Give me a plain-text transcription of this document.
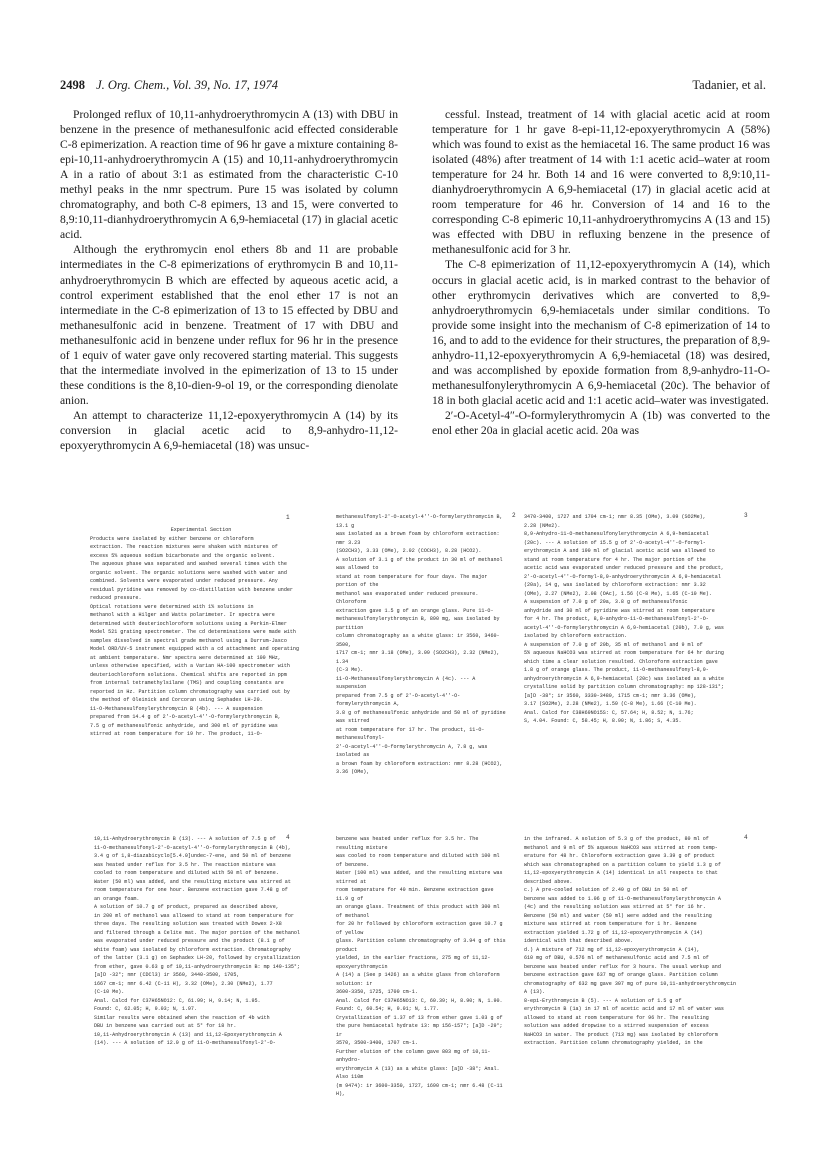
2498 J. Org. Chem., Vol. 39, No. 17, 1974	Tadanier, et al.

Prolonged reflux of 10,11-anhydroerythromycin A (13) with DBU in benzene in the presence of methanesulfonic acid effected considerable C-8 epimerization. A reaction time of 96 hr gave a mixture containing 8-epi-10,11-anhydroerythromycin A (15) and 10,11-anhydroerythromycin A in a ratio of about 3:1 as estimated from the characteristic C-10 methyl peaks in the nmr spectrum. Pure 15 was isolated by column chromatography, and both C-8 epimers, 13 and 15, were converted to 8,9:10,11-dianhydroerythromycin A 6,9-hemiacetal (17) in glacial acetic acid.

Although the erythromycin enol ethers 8b and 11 are probable intermediates in the C-8 epimerizations of erythromycin B and 10,11-anhydroerythromycin B which are effected by aqueous acetic acid, a control experiment established that the enol ether 17 is not an intermediate in the C-8 epimerization of 13 to 15 effected by DBU and methanesulfonic acid in benzene. Treatment of 17 with DBU and methanesulfonic acid in benzene under reflux for 96 hr in the presence of 1 equiv of water gave only recovered starting material. This suggests that the intermediate involved in the epimerization of 13 to 15 under these conditions is the 8,10-dien-9-ol 19, or the corresponding dienolate anion.

An attempt to characterize 11,12-epoxyerythromycin A (14) by its conversion in glacial acetic acid to 8,9-anhydro-11,12-epoxyerythromycin A 6,9-hemiacetal (18) was unsuc-

cessful. Instead, treatment of 14 with glacial acetic acid at room temperature for 1 hr gave 8-epi-11,12-epoxyerythromycin A (58%) which was found to exist as the hemiacetal 16. The same product 16 was isolated (48%) after treatment of 14 with 1:1 acetic acid–water at room temperature for 24 hr. Both 14 and 16 were converted to 8,9:10,11-dianhydroerythromycin A 6,9-hemiacetal (17) in glacial acetic acid at room temperature for 46 hr. Conversion of 14 and 16 to the corresponding C-8 epimeric 10,11-anhydroerythromycins A (13 and 15) was effected with DBU in refluxing benzene in the presence of methanesulfonic acid for 3 hr.

The C-8 epimerization of 11,12-epoxyerythromycin A (14), which occurs in glacial acetic acid, is in marked contrast to the behavior of other erythromycin derivatives which are converted to 8,9-anhydroerythromycin 6,9-hemiacetals under similar conditions. To provide some insight into the mechanism of C-8 epimerization of 14 to 16, and to add to the evidence for their structures, the preparation of 8,9-anhydro-11,12-epoxyerythromycin A 6,9-hemiacetal (18) was desired, and was accomplished by epoxide formation from 8,9-anhydro-11-O-methanesulfonylerythromycin A 6,9-hemiacetal (20c). The behavior of 18 in both glacial acetic acid and 1:1 acetic acid–water was investigated.

2′-O-Acetyl-4″-O-formylerythromycin A (1b) was converted to the enol ether 20a in glacial acetic acid. 20a was

Experimental Section

Products were isolated by either benzene or chloroform

extraction. The reaction mixtures were shaken with mixtures of

excess 5% aqueous sodium bicarbonate and the organic solvent.

The aqueous phase was separated and washed several times with the

organic solvent. The organic solutions were washed with water and

combined. Solvents were evaporated under reduced pressure. Any

residual pyridine was removed by co-distillation with benzene under

reduced pressure.

Optical rotations were determined with 1% solutions in

methanol with a Hilger and Watts polarimeter. Ir spectra were

determined with deuteriochloroform solutions using a Perkin-Elmer

Model 521 grating spectrometer. The cd determinations were made with

samples dissolved in spectral grade methanol using a Durrum-Jasco

Model ORD/UV-5 instrument equipped with a cd attachment and operating

at ambient temperature. Nmr spectra were determined at 100 MHz,

unless otherwise specified, with a Varian HA-100 spectrometer with

deuteriochloroform solutions. Chemical shifts are reported in ppm

from internal tetramethylsilane (TMS) and coupling constants are

reported in Hz. Partition column chromatography was carried out by

the method of Oleinick and Corcoran using Sephadex LH-20.

11-O-Methanesulfonylerythromycin B (4b). --- A suspension

prepared from 14.4 g of 2'-O-acetyl-4''-O-formylerythromycin B,

7.5 g of methanesulfonic anhydride, and 300 ml of pyridine was

stirred at room temperature for 19 hr. The product, 11-O-

methanesulfonyl-2'-O-acetyl-4''-O-formylerythromycin B, 13.1 g

was isolated as a brown foam by chloroform extraction: nmr 3.23

(SO2CH3), 3.33 (OMe), 2.02 (COCH3), 8.28 (HCO2).

A solution of 3.1 g of the product in 30 ml of methanol was allowed to

stand at room temperature for four days. The major portion of the

methanol was evaporated under reduced pressure. Chloroform

extraction gave 1.5 g of an orange glass. Pure 11-O-

methanesulfonylerythromycin B, 890 mg, was isolated by partition

column chromatography as a white glass: ir 3560, 3460-3500,

1717 cm-1; nmr 3.18 (OMe), 3.09 (SO2CH3), 2.32 (NMe2), 1.34

(C-3 Me).

11-O-Methanesulfonylerythromycin A (4c). --- A suspension

prepared from 7.5 g of 2'-O-acetyl-4''-O-formylerythromycin A,

3.8 g of methanesulfonic anhydride and 50 ml of pyridine was stirred

at room temperature for 17 hr. The product, 11-O-methanesulfonyl-

2'-O-acetyl-4''-O-formylerythromycin A, 7.8 g, was isolated as

a brown foam by chloroform extraction: nmr 8.28 (HCO2), 3.36 (OMe),

3470-3400, 1727 and 1704 cm-1; nmr 8.35 (OMe), 3.09 (SO2Me),

2.28 (NMe2).

8,9-Anhydro-11-O-methanesulfonylerythromycin A 6,9-hemiacetal

(20c). --- A solution of 15.5 g of 2'-O-acetyl-4''-O-formyl-

erythromycin A and 190 ml of glacial acetic acid was allowed to

stand at room temperature for 4 hr. The major portion of the

acetic acid was evaporated under reduced pressure and the product,

2'-O-acetyl-4''-O-formyl-8,9-anhydroerythromycin A 6,9-hemiacetal

(20a), 14 g, was isolated by chloroform extraction: nmr 3.32

(OMe), 2.27 (NMe2), 2.08 (OAc), 1.56 (C-8 Me), 1.65 (C-10 Me).

A suspension of 7.0 g of 20a, 3.8 g of methanesulfonic

anhydride and 30 ml of pyridine was stirred at room temperature

for 4 hr. The product, 8,9-anhydro-11-O-methanesulfonyl-2'-O-

acetyl-4''-O-formylerythromycin A 6,9-hemiacetal (20b), 7.0 g, was

isolated by chloroform extraction.

A suspension of 7.0 g of 20b, 35 ml of methanol and 9 ml of

5% aqueous NaHCO3 was stirred at room temperature for 64 hr during

which time a clear solution resulted. Chloroform extraction gave

1.8 g of orange glass. The product, 11-O-methanesulfonyl-8,9-

anhydroerythromycin A 6,9-hemiacetal (20c) was isolated as a white

crystalline solid by partition column chromatography: mp 128-131°;

[a]D -38°; ir 3560, 3330-3480, 1715 cm-1; nmr 3.36 (OMe),

3.17 (SO2Me), 2.28 (NMe2), 1.59 (C-8 Me), 1.66 (C-10 Me).

Anal. Calcd for C38H69NO15S: C, 57.64; H, 8.52; N, 1.76;

S, 4.04. Found: C, 58.45; H, 8.90; N, 1.86; S, 4.35.

10,11-Anhydroerythromycin B (13). --- A solution of 7.5 g of

11-O-methanesulfonyl-2'-O-acetyl-4''-O-formylerythromycin B (4b),

3.4 g of 1,8-diazabicyclo[5.4.0]undec-7-ene, and 50 ml of benzene

was heated under reflux for 3.5 hr. The reaction mixture was

cooled to room temperature and diluted with 50 ml of benzene.

Water (50 ml) was added, and the resulting mixture was stirred at

room temperature for one hour. Benzene extraction gave 7.48 g of

an orange foam.

A solution of 10.7 g of product, prepared as described above,

in 200 ml of methanol was allowed to stand at room temperature for

three days. The resulting solution was treated with Dowex 2-X8

and filtered through a Celite mat. The major portion of the methanol

was evaporated under reduced pressure and the product (8.1 g of

white foam) was isolated by chloroform extraction. Chromatography

of the latter (3.1 g) on Sephadex LH-20, followed by crystallization

from ether, gave 0.63 g of 10,11-anhydroerythromycin B: mp 149-135°;

[a]D -32°; nmr (CDCl3) ir 3560, 3440-3500, 1705,

1667 cm-1; nmr 6.42 (C-11 H), 3.32 (OMe), 2.30 (NMe2), 1.77

(C-10 Me).

Anal. Calcd for C37H65NO12: C, 61.99; H, 9.14; N, 1.95.

Found: C, 62.05; H, 9.03; N, 1.97.

Similar results were obtained when the reaction of 4b with

DBU in benzene was carried out at 5° for 18 hr.

10,11-Anhydroerythromycin A (13) and 11,12-Epoxyerythromycin A

(14). --- A solution of 12.0 g of 11-O-methanesulfonyl-2'-O-

benzene was heated under reflux for 3.5 hr. The resulting mixture

was cooled to room temperature and diluted with 100 ml of benzene.

Water (100 ml) was added, and the resulting mixture was stirred at

room temperature for 40 min. Benzene extraction gave 11.9 g of

an orange glass. Treatment of this product with 300 ml of methanol

for 20 hr followed by chloroform extraction gave 10.7 g of yellow

glass. Partition column chromatography of 3.94 g of this product

yielded, in the earlier fractions, 275 mg of 11,12-epoxyerythromycin

A (14) a (See p 1426) as a white glass from chloroform solution: ir

3600-3350, 1725, 1700 cm-1.

Anal. Calcd for C37H65NO13: C, 60.39; H, 8.90; N, 1.90.

Found: C, 60.54; H, 9.01; N, 1.77.

Crystallization of 1.37 of 13 from ether gave 1.03 g of

the pure hemiacetal hydrate 13: mp 156-157°; [a]D -29°; ir

3570, 3500-3400, 1707 cm-1.

Further elution of the column gave 803 mg of 10,11-anhydro-

erythromycin A (13) as a white glass: [a]D -38°; Anal. Also 110m

(m 9474): ir 3600-3350, 1727, 1690 cm-1; nmr 6.48 (C-11 H),

in the infrared. A solution of 5.3 g of the product, 80 ml of

methanol and 9 ml of 5% aqueous NaHCO3 was stirred at room temp-

erature for 48 hr. Chloroform extraction gave 3.39 g of product

which was chromatographed on a partition column to yield 1.3 g of

11,12-epoxyerythromycin A (14) identical in all respects to that

described above.

c.) A pre-cooled solution of 2.49 g of DBU in 50 ml of

benzene was added to 1.06 g of 11-O-methanesulfonylerythromycin A

(4c) and the resulting solution was stirred at 5° for 16 hr.

Benzene (50 ml) and water (50 ml) were added and the resulting

mixture was stirred at room temperature for 1 hr. Benzene

extraction yielded 1.72 g of 11,12-epoxyerythromycin A (14)

identical with that described above.

d.) A mixture of 712 mg of 11,12-epoxyerythromycin A (14),

610 mg of DBU, 0.576 ml of methanesulfonic acid and 7.5 ml of

benzene was heated under reflux for 3 hours. The usual workup and

benzene extraction gave 637 mg of orange glass. Partition column

chromatography of 632 mg gave 307 mg of pure 10,11-anhydroerythromycin

A (13).

8-epi-Erythromycin B (5). --- A solution of 1.5 g of

erythromycin B (1a) in 17 ml of acetic acid and 17 ml of water was

allowed to stand at room temperature for 96 hr. The resulting

solution was added dropwise to a stirred suspension of excess

NaHCO3 in water. The product (713 mg) was isolated by chloroform

extraction. Partition column chromatography yielded, in the

1	2	3
4	4
